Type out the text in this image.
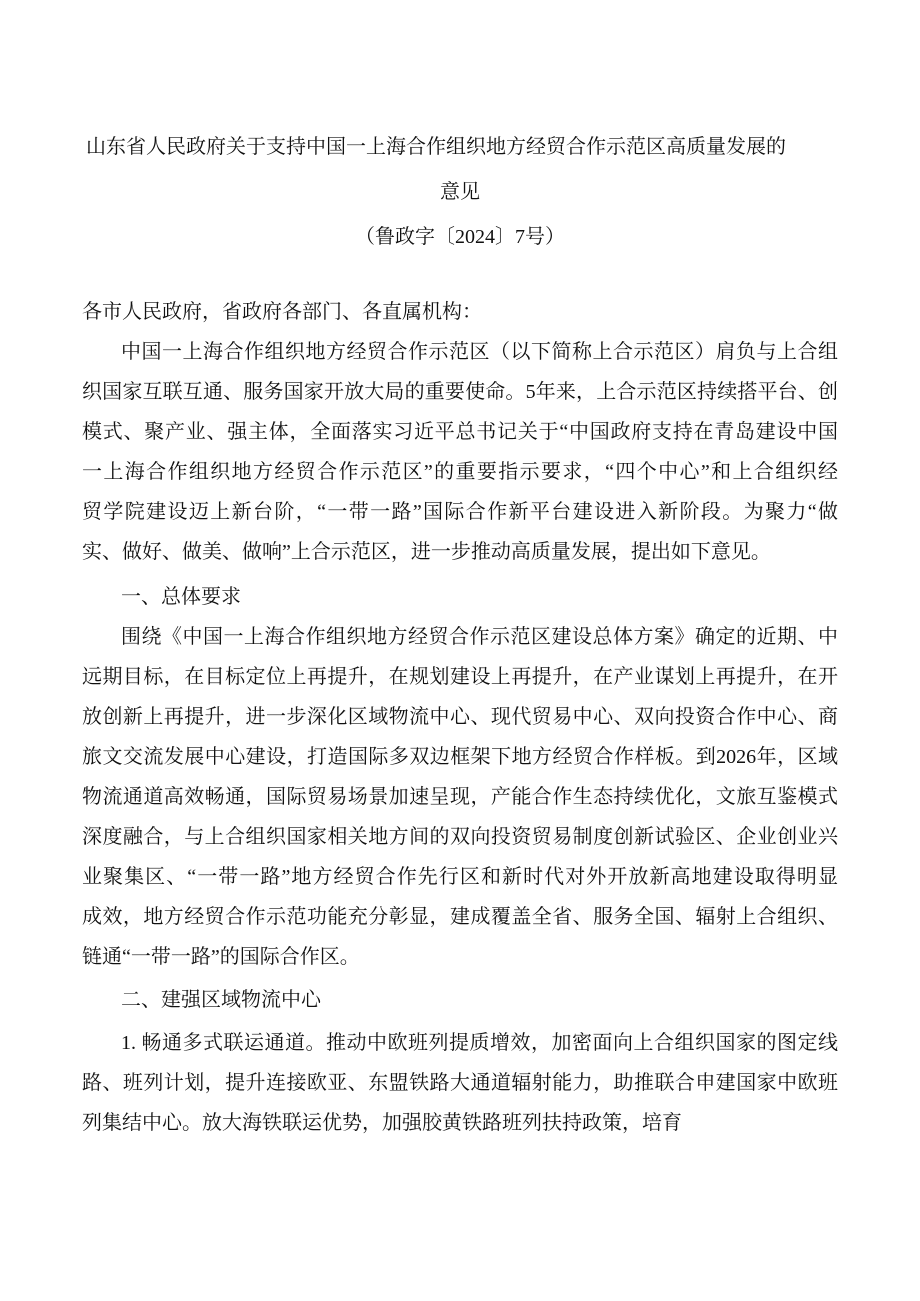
山东省人民政府关于支持中国一上海合作组织地方经贸合作示范区高质量发展的
意见
（鲁政字〔2024〕7号）
各市人民政府，省政府各部门、各直属机构：
中国一上海合作组织地方经贸合作示范区（以下简称上合示范区）肩负与上合组
织国家互联互通、服务国家开放大局的重要使命。5年来，上合示范区持续搭平台、创
模式、聚产业、强主体，全面落实习近平总书记关于“中国政府支持在青岛建设中国
一上海合作组织地方经贸合作示范区”的重要指示要求，“四个中心”和上合组织经
贸学院建设迈上新台阶，“一带一路”国际合作新平台建设进入新阶段。为聚力“做
实、做好、做美、做响”上合示范区，进一步推动高质量发展，提出如下意见。
一、总体要求
围绕《中国一上海合作组织地方经贸合作示范区建设总体方案》确定的近期、中
远期目标，在目标定位上再提升，在规划建设上再提升，在产业谋划上再提升，在开
放创新上再提升，进一步深化区域物流中心、现代贸易中心、双向投资合作中心、商
旅文交流发展中心建设，打造国际多双边框架下地方经贸合作样板。到2026年，区域
物流通道高效畅通，国际贸易场景加速呈现，产能合作生态持续优化，文旅互鉴模式
深度融合，与上合组织国家相关地方间的双向投资贸易制度创新试验区、企业创业兴
业聚集区、“一带一路”地方经贸合作先行区和新时代对外开放新高地建设取得明显
成效，地方经贸合作示范功能充分彰显，建成覆盖全省、服务全国、辐射上合组织、
链通“一带一路”的国际合作区。
二、建强区域物流中心
1. 畅通多式联运通道。推动中欧班列提质增效，加密面向上合组织国家的图定线
路、班列计划，提升连接欧亚、东盟铁路大通道辐射能力，助推联合申建国家中欧班
列集结中心。放大海铁联运优势，加强胶黄铁路班列扶持政策，培育
